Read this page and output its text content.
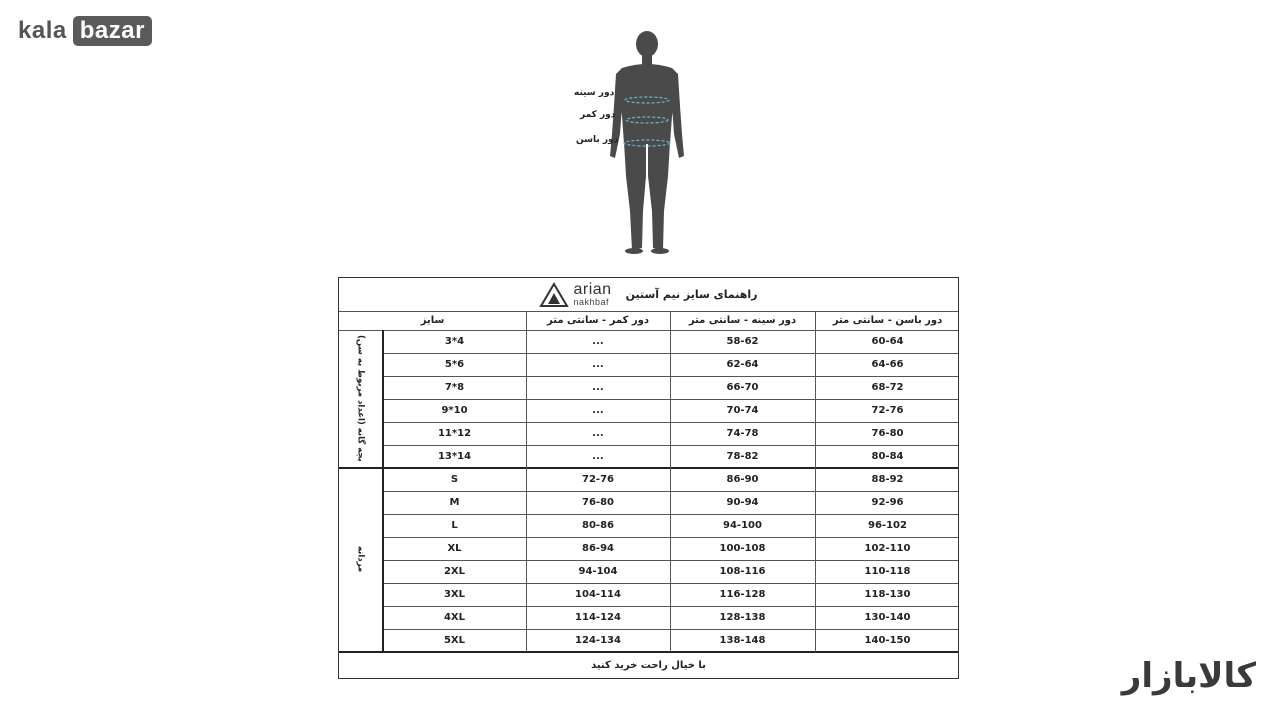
kala bazar
دور سینه
دور کمر
دور باسن
arian
nakhbaf
راهنمای سایز نیم آستین
سایز	دور کمر - سانتی متر	دور سینه - سانتی متر	دور باسن - سانتی متر
بچه گانه (اعداد مربوط به سن)
مردانه
3*4	...	58-62	60-64
5*6	...	62-64	64-66
7*8	...	66-70	68-72
9*10	...	70-74	72-76
11*12	...	74-78	76-80
13*14	...	78-82	80-84
S	72-76	86-90	88-92
M	76-80	90-94	92-96
L	80-86	94-100	96-102
XL	86-94	100-108	102-110
2XL	94-104	108-116	110-118
3XL	104-114	116-128	118-130
4XL	114-124	128-138	130-140
5XL	124-134	138-148	140-150
با خیال راحت خرید کنید	کالابازار
